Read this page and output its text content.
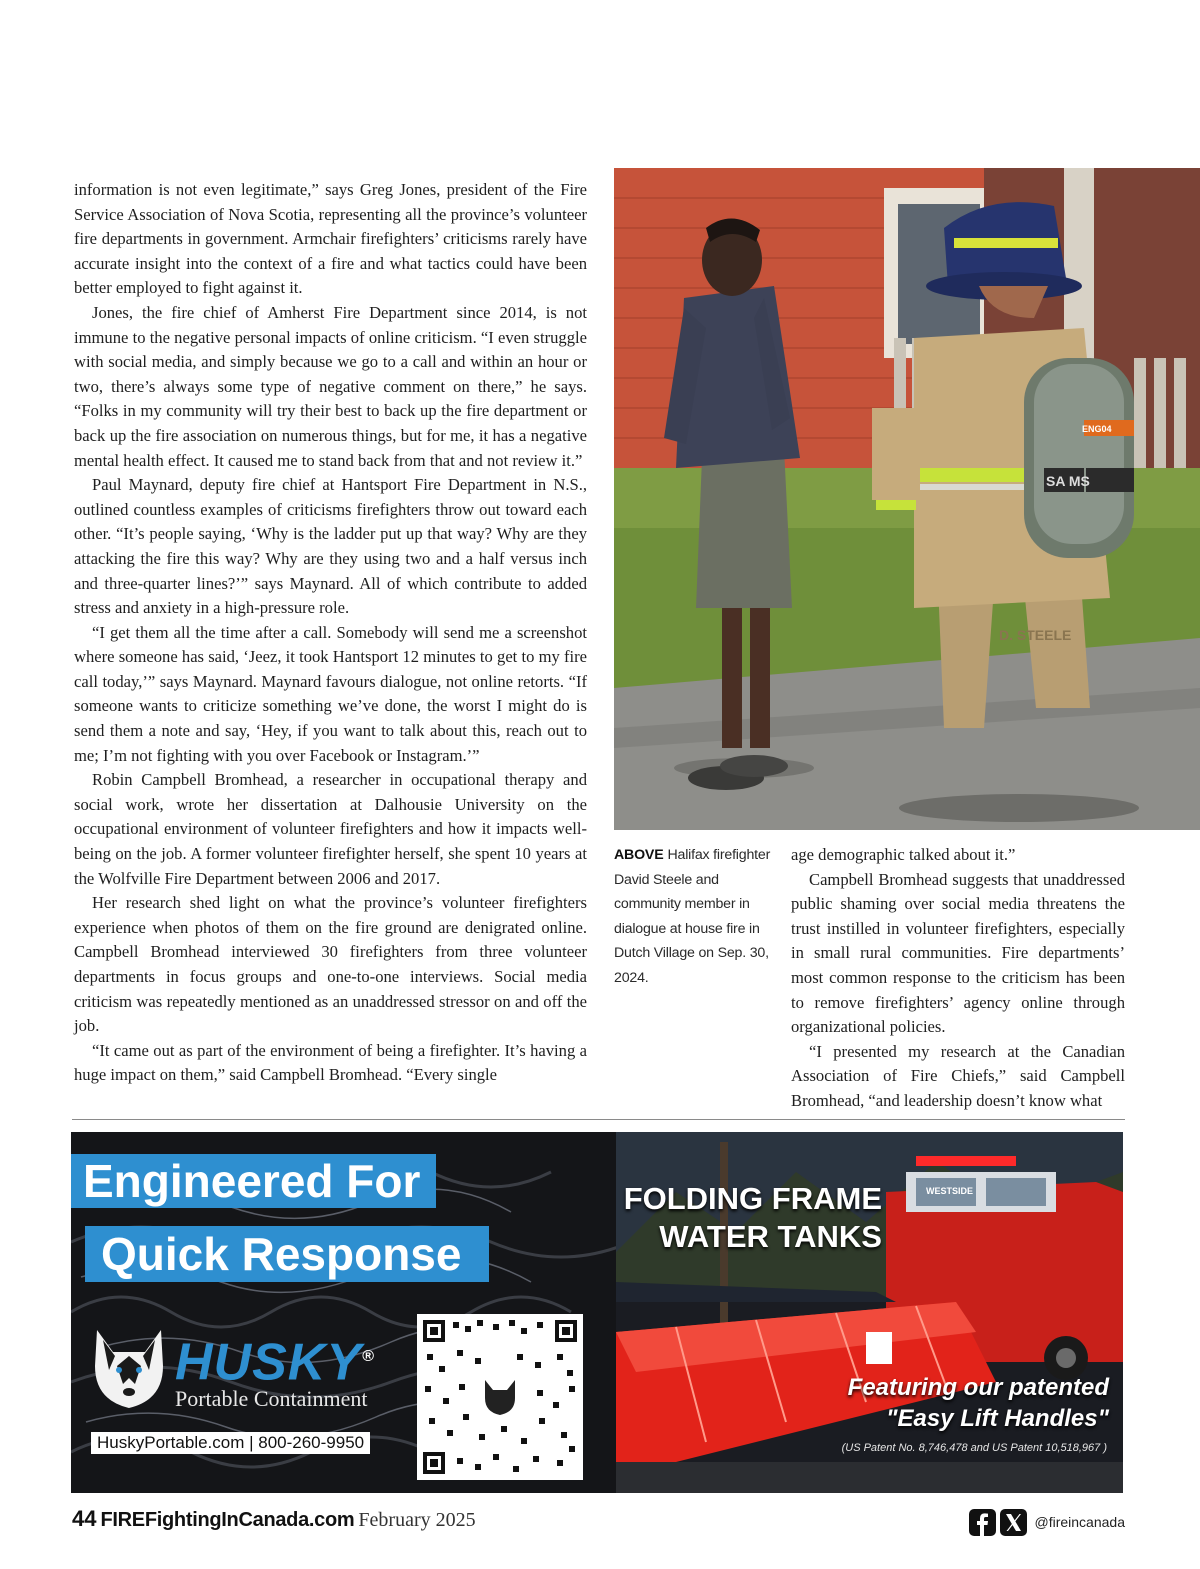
information is not even legitimate,” says Greg Jones, president of the Fire Service Association of Nova Scotia, representing all the province’s volunteer fire departments in government. Armchair firefighters’ criticisms rarely have accurate insight into the context of a fire and what tactics could have been better employed to fight against it.

Jones, the fire chief of Amherst Fire Department since 2014, is not immune to the negative personal impacts of online criticism. “I even struggle with social media, and simply because we go to a call and within an hour or two, there’s always some type of negative comment on there,” he says. “Folks in my community will try their best to back up the fire department or back up the fire association on numerous things, but for me, it has a negative mental health effect. It caused me to stand back from that and not review it.”

Paul Maynard, deputy fire chief at Hantsport Fire Department in N.S., outlined countless examples of criticisms firefighters throw out toward each other. “It’s people saying, ‘Why is the ladder put up that way? Why are they attacking the fire this way? Why are they using two and a half versus inch and three-quarter lines?’” says Maynard. All of which contribute to added stress and anxiety in a high-pressure role.

“I get them all the time after a call. Somebody will send me a screenshot where someone has said, ‘Jeez, it took Hantsport 12 minutes to get to my fire call today,’” says Maynard. Maynard favours dialogue, not online retorts. “If someone wants to criticize something we’ve done, the worst I might do is send them a note and say, ‘Hey, if you want to talk about this, reach out to me; I’m not fighting with you over Facebook or Instagram.’”

Robin Campbell Bromhead, a researcher in occupational therapy and social work, wrote her dissertation at Dalhousie University on the occupational environment of volunteer firefighters and how it impacts well-being on the job. A former volunteer firefighter herself, she spent 10 years at the Wolfville Fire Department between 2006 and 2017.

Her research shed light on what the province’s volunteer firefighters experience when photos of them on the fire ground are denigrated online. Campbell Bromhead interviewed 30 firefighters from three volunteer departments in focus groups and one-to-one interviews. Social media criticism was repeatedly mentioned as an unaddressed stressor on and off the job.

“It came out as part of the environment of being a firefighter. It’s having a huge impact on them,” said Campbell Bromhead. “Every single

ENG04
SA MS
D. STEELE
ABOVE Halifax firefighter David Steele and community member in dialogue at house fire in Dutch Village on Sep. 30, 2024.

age demographic talked about it.”

Campbell Bromhead suggests that unaddressed public shaming over social media threatens the trust instilled in volunteer firefighters, especially in small rural communities. Fire departments’ most common response to the criticism has been to remove firefighters’ agency online through organizational policies.

“I presented my research at the Canadian Association of Fire Chiefs,” said Campbell Bromhead, “and leadership doesn’t know what

Engineered For
Quick Response
HUSKY®
Portable Containment
HuskyPortable.com | 800-260-9950
WESTSIDE
FOLDING FRAME
WATER TANKS
Featuring our patented
"Easy Lift Handles"
(US Patent No. 8,746,478 and US Patent 10,518,967 )
44 FIREFightingInCanada.com February 2025	@fireincanada
